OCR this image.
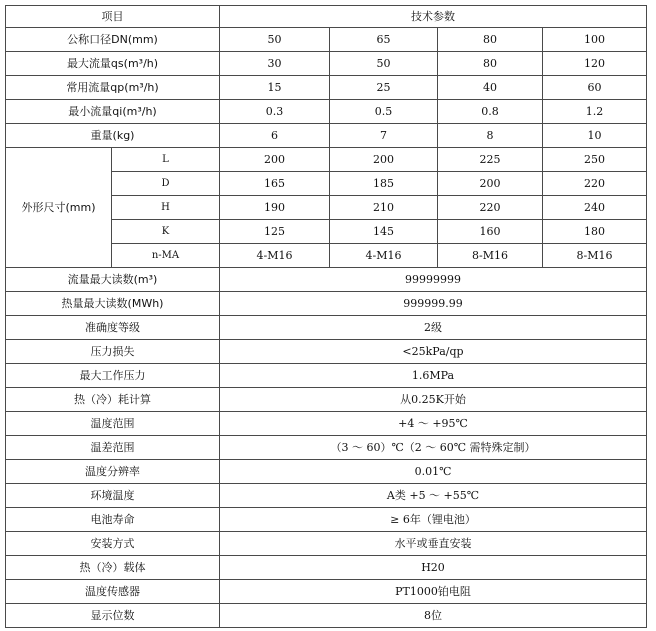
项目		技术参数			
公称口径DN(mm)		50	65	80	100
最大流量qs(m³/h)		30	50	80	120
常用流量qp(m³/h)		15	25	40	60
最小流量qi(m³/h)		0.3	0.5	0.8	1.2
重量(kg)		6	7	8	10
外形尺寸(mm)	L	200	200	225	250
	D	165	185	200	220
	H	190	210	220	240
	K	125	145	160	180
	n-MA	4-M16	4-M16	8-M16	8-M16
流量最大读数(m³)		99999999			
热量最大读数(MWh)		999999.99			
准确度等级		2级			
压力损失		<25kPa/qp			
最大工作压力		1.6MPa			
热（冷）耗计算		从0.25K开始			
温度范围		+4 ～ +95℃			
温差范围		（3 ～ 60）℃（2 ～ 60℃ 需特殊定制）			
温度分辨率		0.01℃			
环境温度		A类 +5 ～ +55℃			
电池寿命		≥ 6年（锂电池）			
安装方式		水平或垂直安装			
热（冷）载体		H20			
温度传感器		PT1000铂电阻			
显示位数		8位			
